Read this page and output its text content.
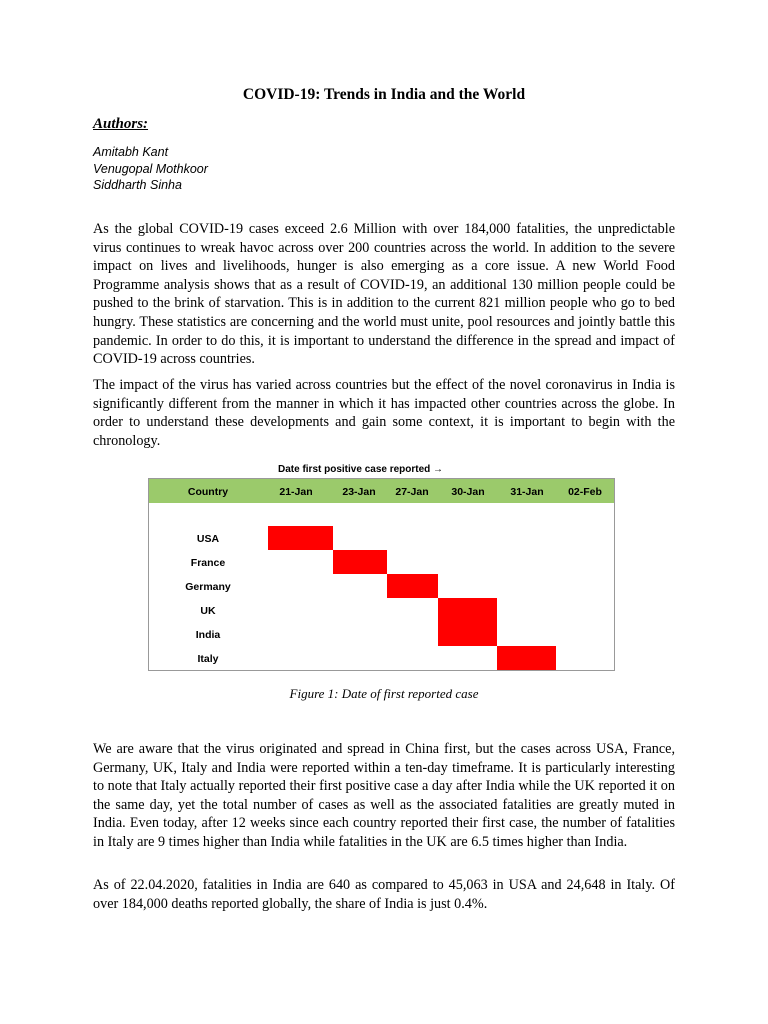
COVID-19: Trends in India and the World
Authors:
Amitabh Kant
Venugopal Mothkoor
Siddharth Sinha

As the global COVID-19 cases exceed 2.6 Million with over 184,000 fatalities, the unpredictable virus continues to wreak havoc across over 200 countries across the world. In addition to the severe impact on lives and livelihoods, hunger is also emerging as a core issue. A new World Food Programme analysis shows that as a result of COVID-19, an additional 130 million people could be pushed to the brink of starvation. This is in addition to the current 821 million people who go to bed hungry. These statistics are concerning and the world must unite, pool resources and jointly battle this pandemic. In order to do this, it is important to understand the difference in the spread and impact of COVID-19 across countries.

The impact of the virus has varied across countries but the effect of the novel coronavirus in India is significantly different from the manner in which it has impacted other countries across the globe. In order to understand these developments and gain some context, it is important to begin with the chronology.

Date first positive case reported →
Country	21-Jan	23-Jan 27-Jan 30-Jan 31-Jan 02-Feb
USA
France
Germany
UK
India
Italy
Figure 1: Date of first reported case

We are aware that the virus originated and spread in China first, but the cases across USA, France, Germany, UK, Italy and India were reported within a ten-day timeframe. It is particularly interesting to note that Italy actually reported their first positive case a day after India while the UK reported it on the same day, yet the total number of cases as well as the associated fatalities are greatly muted in India. Even today, after 12 weeks since each country reported their first case, the number of fatalities in Italy are 9 times higher than India while fatalities in the UK are 6.5 times higher than India.

As of 22.04.2020, fatalities in India are 640 as compared to 45,063 in USA and 24,648 in Italy. Of over 184,000 deaths reported globally, the share of India is just 0.4%.
